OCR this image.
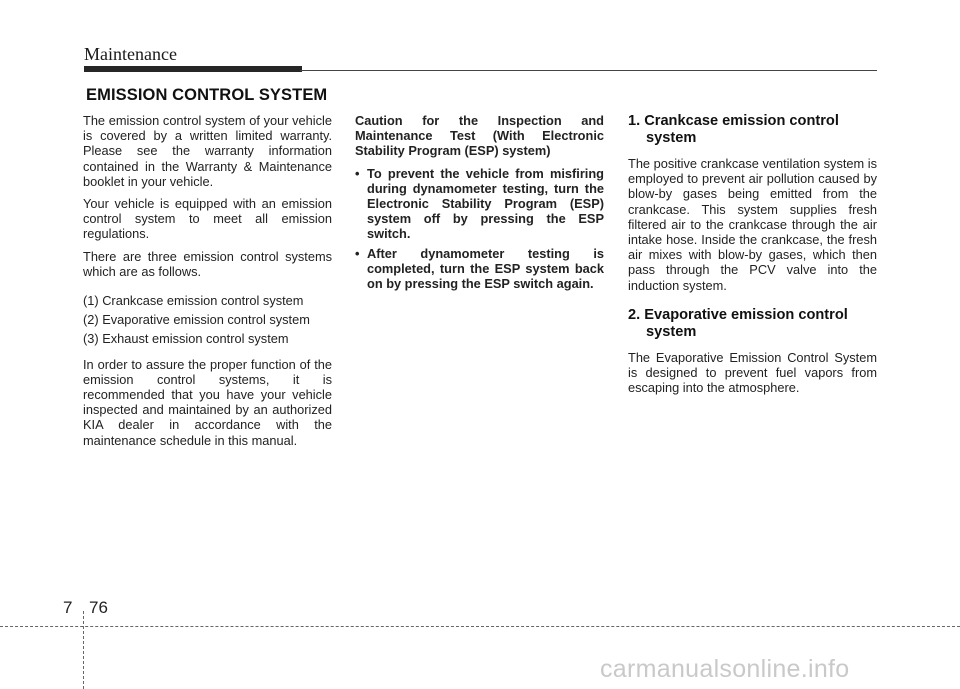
Maintenance
EMISSION CONTROL SYSTEM

The emission control system of your vehicle is covered by a written limited warranty. Please see the warranty information contained in the Warranty & Maintenance booklet in your vehicle.

Your vehicle is equipped with an emission control system to meet all emission regulations.

There are three emission control systems which are as follows.

(1) Crankcase emission control system

(2) Evaporative emission control system

(3) Exhaust emission control system

In order to assure the proper function of the emission control systems, it is recommended that you have your vehicle inspected and maintained by an authorized KIA dealer in accordance with the maintenance schedule in this manual.

Caution for the Inspection and Maintenance Test (With Electronic Stability Program (ESP) system)

• To prevent the vehicle from misfiring during dynamometer testing, turn the Electronic Stability Program (ESP) system off by pressing the ESP switch.
• After dynamometer testing is completed, turn the ESP system back on by pressing the ESP switch again.
1. Crankcase emission control system

The positive crankcase ventilation system is employed to prevent air pollution caused by blow-by gases being emitted from the crankcase. This system supplies fresh filtered air to the crankcase through the air intake hose. Inside the crankcase, the fresh air mixes with blow-by gases, which then pass through the PCV valve into the induction system.

2. Evaporative emission control system

The Evaporative Emission Control System is designed to prevent fuel vapors from escaping into the atmosphere.

7 76
carmanualsonline.info
